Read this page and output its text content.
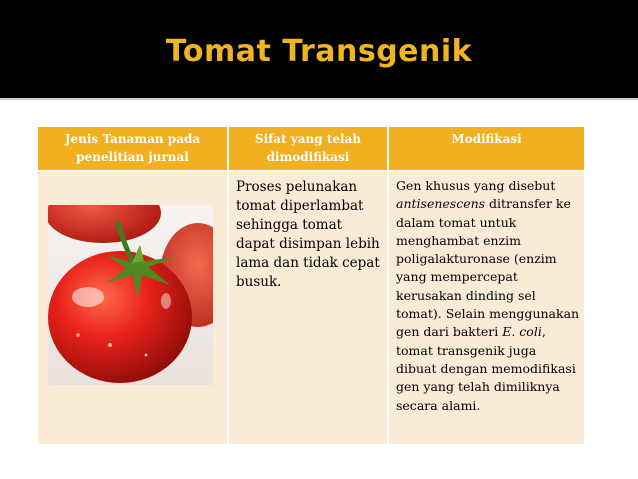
Tomat Transgenik
Jenis Tanaman pada penelitian jurnal	Sifat yang telah dimodifikasi	Modifikasi

	Proses pelunakan tomat diperlambat sehingga tomat dapat disimpan lebih lama dan tidak cepat busuk.	Gen khusus yang disebut antisenescens ditransfer ke dalam tomat untuk menghambat enzim poligalakturonase (enzim yang mempercepat kerusakan dinding sel tomat). Selain menggunakan gen dari bakteri E. coli, tomat transgenik juga dibuat dengan memodifikasi gen yang telah dimiliknya secara alami.
